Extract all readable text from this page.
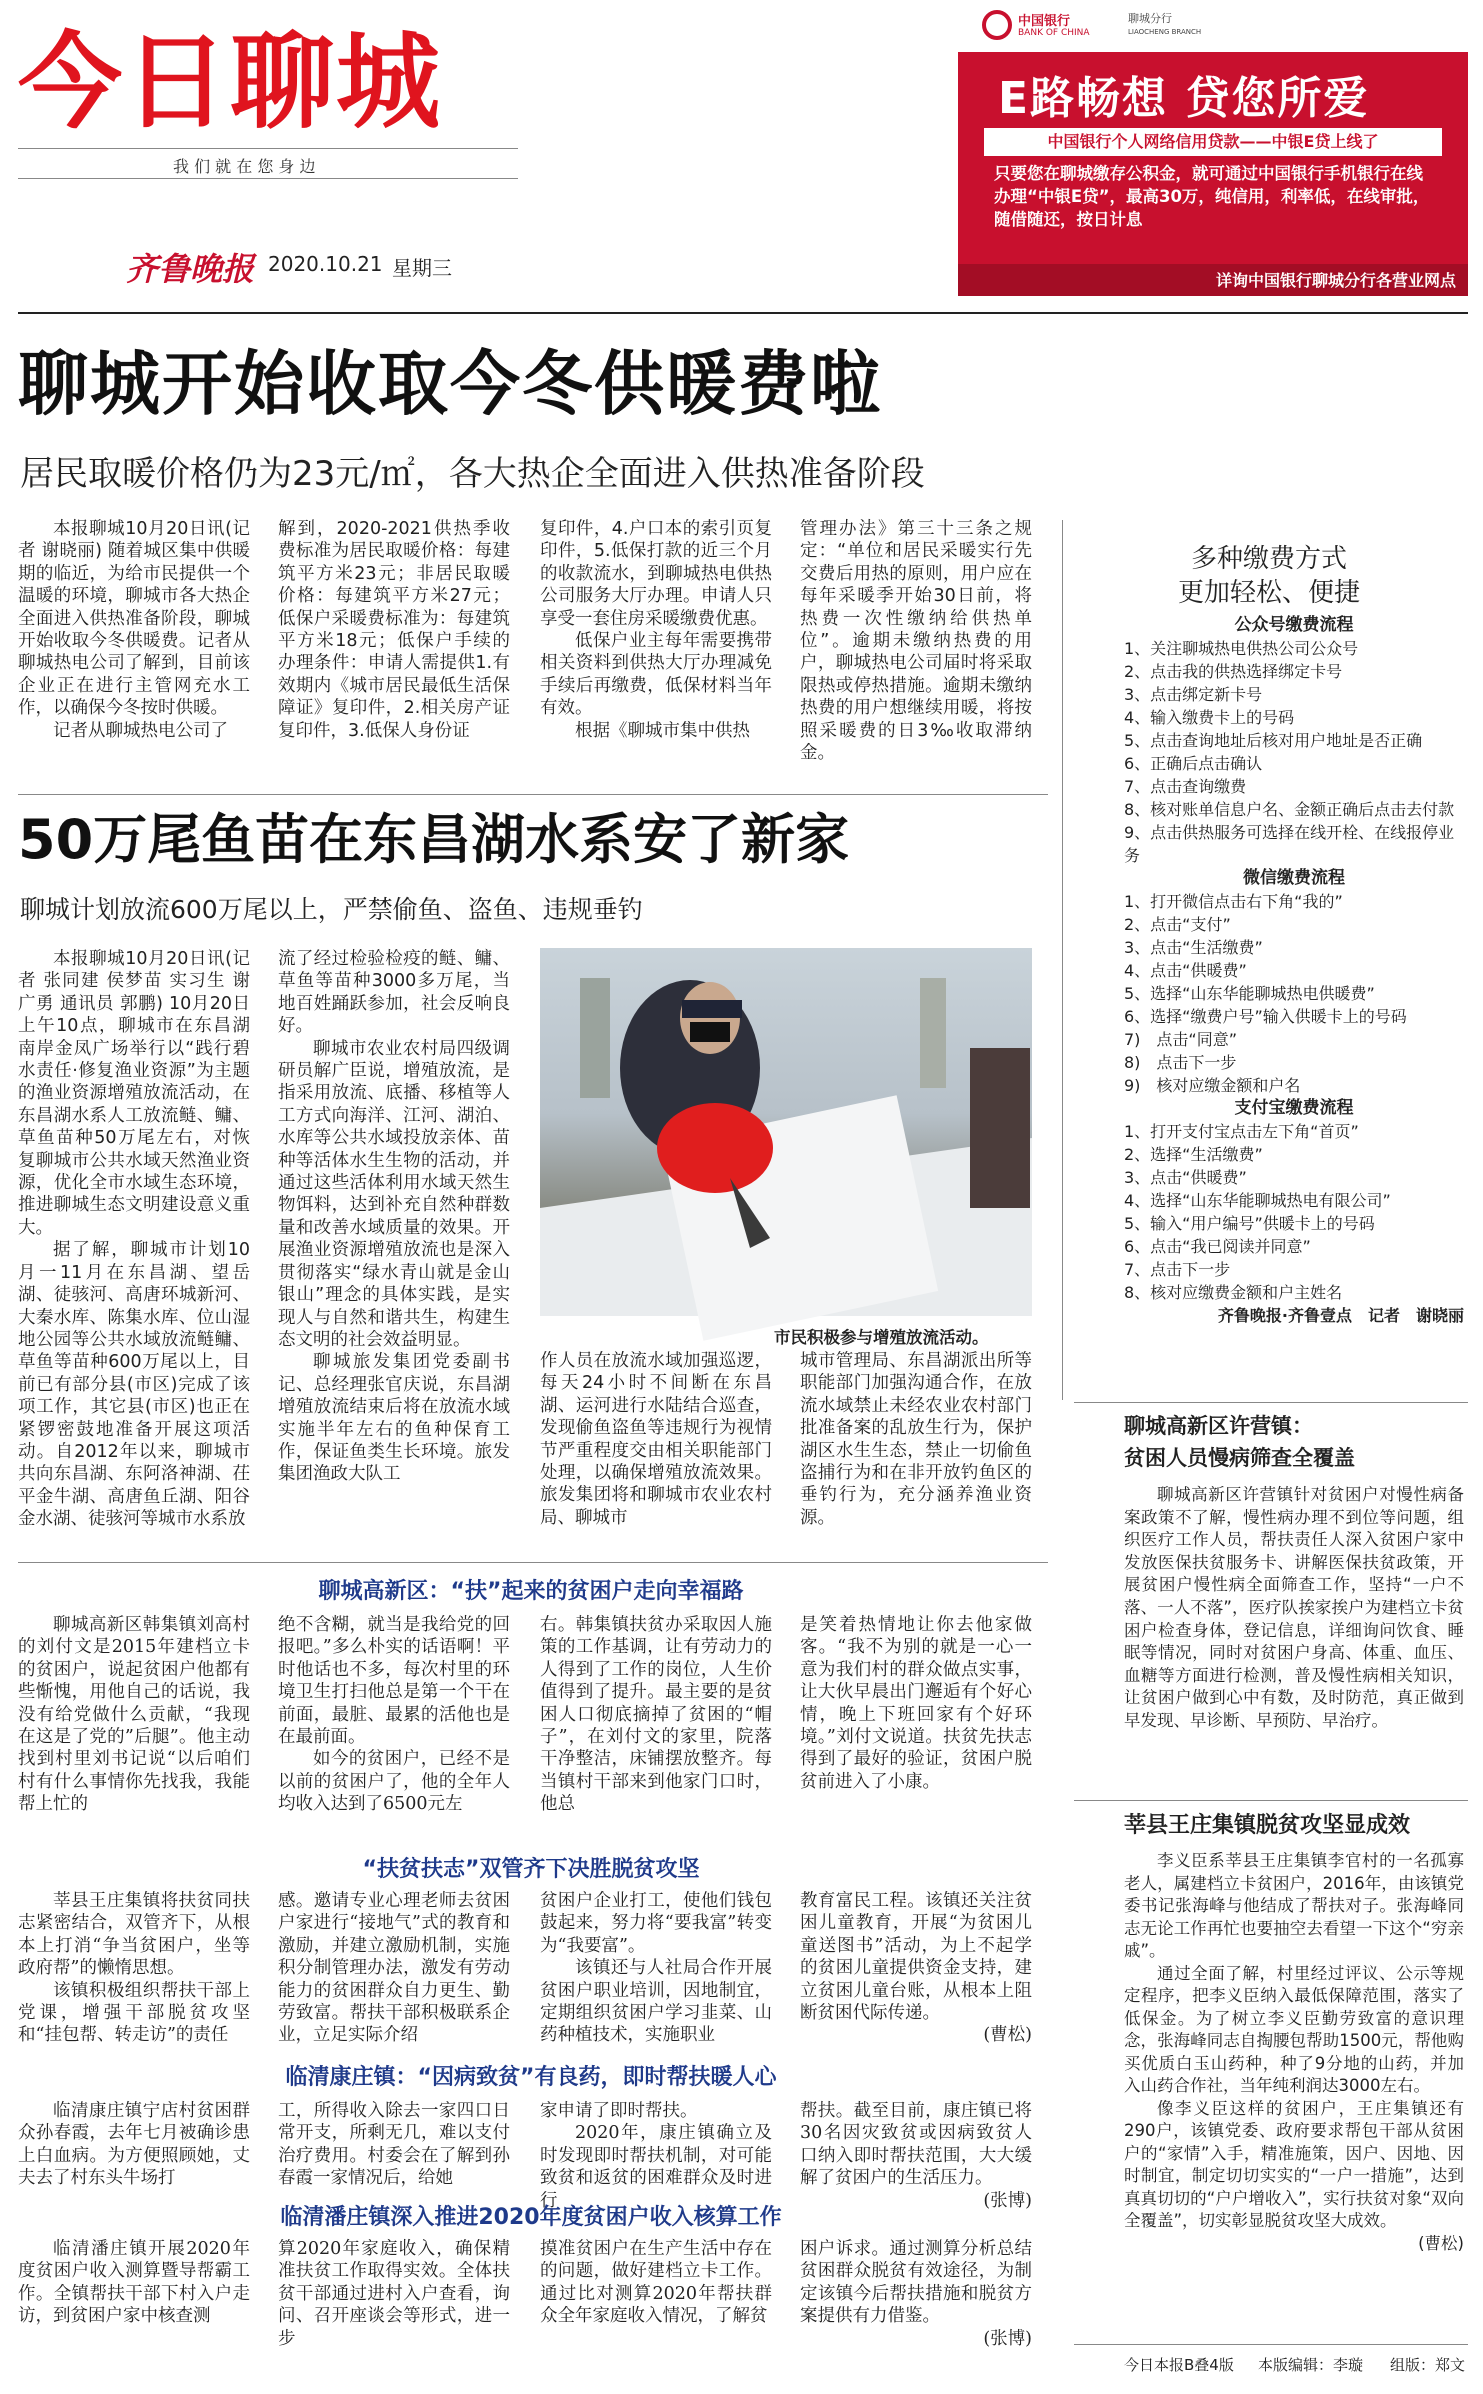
今日聊城
我 们 就 在 您 身 边
齐鲁晚报 2020.10.21 星期三
中国银行
BANK OF CHINA
聊城分行
LIAOCHENG BRANCH
E路畅想 贷您所爱
中国银行个人网络信用贷款——中银E贷上线了
只要您在聊城缴存公积金，就可通过中国银行手机银行在线办理“中银E贷”，最高30万，纯信用，利率低，在线审批，随借随还，按日计息
详询中国银行聊城分行各营业网点
聊城开始收取今冬供暖费啦
居民取暖价格仍为23元/㎡，各大热企全面进入供热准备阶段

本报聊城10月20日讯(记者 谢晓丽) 随着城区集中供暖期的临近，为给市民提供一个温暖的环境，聊城市各大热企全面进入供热准备阶段，聊城开始收取今冬供暖费。记者从聊城热电公司了解到，目前该企业正在进行主管网充水工作，以确保今冬按时供暖。

记者从聊城热电公司了

解到，2020-2021供热季收费标准为居民取暖价格：每建筑平方米23元；非居民取暖价格：每建筑平方米27元；低保户采暖费标准为：每建筑平方米18元；低保户手续的办理条件：申请人需提供1.有效期内《城市居民最低生活保障证》复印件，2.相关房产证复印件，3.低保人身份证

复印件，4.户口本的索引页复印件，5.低保打款的近三个月的收款流水，到聊城热电供热公司服务大厅办理。申请人只享受一套住房采暖缴费优惠。

低保户业主每年需要携带相关资料到供热大厅办理减免手续后再缴费，低保材料当年有效。

根据《聊城市集中供热

管理办法》第三十三条之规定：“单位和居民采暖实行先交费后用热的原则，用户应在每年采暖季开始30日前，将热费一次性缴纳给供热单位”。逾期未缴纳热费的用户，聊城热电公司届时将采取限热或停热措施。逾期未缴纳热费的用户想继续用暖，将按照采暖费的日3‰收取滞纳金。

多种缴费方式
更加轻松、便捷
公众号缴费流程
1、关注聊城热电供热公司公众号
2、点击我的供热选择绑定卡号
3、点击绑定新卡号
4、输入缴费卡上的号码
5、点击查询地址后核对用户地址是否正确
6、正确后点击确认
7、点击查询缴费
8、核对账单信息户名、金额正确后点击去付款
9、点击供热服务可选择在线开栓、在线报停业务
微信缴费流程
1、打开微信点击右下角“我的”
2、点击“支付”
3、点击“生活缴费”
4、点击“供暖费”
5、选择“山东华能聊城热电供暖费”
6、选择“缴费户号”输入供暖卡上的号码
7)　点击“同意”
8)　点击下一步
9)　核对应缴金额和户名
支付宝缴费流程
1、打开支付宝点击左下角“首页”
2、选择“生活缴费”
3、点击“供暖费”
4、选择“山东华能聊城热电有限公司”
5、输入“用户编号”供暖卡上的号码
6、点击“我已阅读并同意”
7、点击下一步
8、核对应缴费金额和户主姓名
齐鲁晚报·齐鲁壹点　记者　谢晓丽
50万尾鱼苗在东昌湖水系安了新家
聊城计划放流600万尾以上，严禁偷鱼、盗鱼、违规垂钓

本报聊城10月20日讯(记者 张同建 侯梦苗 实习生 谢广勇 通讯员 郭鹏) 10月20日上午10点，聊城市在东昌湖南岸金凤广场举行以“践行碧水责任·修复渔业资源”为主题的渔业资源增殖放流活动，在东昌湖水系人工放流鲢、鳙、草鱼苗种50万尾左右，对恢复聊城市公共水域天然渔业资源，优化全市水域生态环境，推进聊城生态文明建设意义重大。

据了解，聊城市计划10月一11月在东昌湖、望岳湖、徒骇河、高唐环城新河、大秦水库、陈集水库、位山湿地公园等公共水域放流鲢鳙、草鱼等苗种600万尾以上，目前已有部分县(市区)完成了该项工作，其它县(市区)也正在紧锣密鼓地准备开展这项活动。自2012年以来，聊城市共向东昌湖、东阿洛神湖、茌平金牛湖、高唐鱼丘湖、阳谷金水湖、徒骇河等城市水系放

流了经过检验检疫的鲢、鳙、草鱼等苗种3000多万尾，当地百姓踊跃参加，社会反响良好。

聊城市农业农村局四级调研员解广臣说，增殖放流，是指采用放流、底播、移植等人工方式向海洋、江河、湖泊、水库等公共水域投放亲体、苗种等活体水生生物的活动，并通过这些活体利用水域天然生物饵料，达到补充自然种群数量和改善水域质量的效果。开展渔业资源增殖放流也是深入贯彻落实“绿水青山就是金山银山”理念的具体实践，是实现人与自然和谐共生，构建生态文明的社会效益明显。

聊城旅发集团党委副书记、总经理张官庆说，东昌湖增殖放流结束后将在放流水域实施半年左右的鱼种保育工作，保证鱼类生长环境。旅发集团渔政大队工

市民积极参与增殖放流活动。

作人员在放流水域加强巡逻，每天24小时不间断在东昌湖、运河进行水陆结合巡查，发现偷鱼盗鱼等违规行为视情节严重程度交由相关职能部门处理，以确保增殖放流效果。旅发集团将和聊城市农业农村局、聊城市

城市管理局、东昌湖派出所等职能部门加强沟通合作，在放流水域禁止未经农业农村部门批准备案的乱放生行为，保护湖区水生生态，禁止一切偷鱼盗捕行为和在非开放钓鱼区的垂钓行为，充分涵养渔业资源。

聊城高新区许营镇：
贫困人员慢病筛查全覆盖

聊城高新区许营镇针对贫困户对慢性病备案政策不了解，慢性病办理不到位等问题，组织医疗工作人员，帮扶责任人深入贫困户家中发放医保扶贫服务卡、讲解医保扶贫政策，开展贫困户慢性病全面筛查工作，坚持“一户不落、一人不落”，医疗队挨家挨户为建档立卡贫困户检查身体，登记信息，详细询问饮食、睡眠等情况，同时对贫困户身高、体重、血压、血糖等方面进行检测，普及慢性病相关知识，让贫困户做到心中有数，及时防范，真正做到早发现、早诊断、早预防、早治疗。

莘县王庄集镇脱贫攻坚显成效

李义臣系莘县王庄集镇李官村的一名孤寡老人，属建档立卡贫困户，2016年，由该镇党委书记张海峰与他结成了帮扶对子。张海峰同志无论工作再忙也要抽空去看望一下这个“穷亲戚”。

通过全面了解，村里经过评议、公示等规定程序，把李义臣纳入最低保障范围，落实了低保金。为了树立李义臣勤劳致富的意识理念，张海峰同志自掏腰包帮助1500元，帮他购买优质白玉山药种，种了9分地的山药，并加入山药合作社，当年纯利润达3000左右。

像李义臣这样的贫困户，王庄集镇还有290户，该镇党委、政府要求帮包干部从贫困户的“家情”入手，精准施策，因户、因地、因时制宜，制定切切实实的“一户一措施”，达到真真切切的“户户增收入”，实行扶贫对象“双向全覆盖”，切实彰显脱贫攻坚大成效。

(曹松)
聊城高新区：“扶”起来的贫困户走向幸福路

聊城高新区韩集镇刘高村的刘付文是2015年建档立卡的贫困户，说起贫困户他都有些惭愧，用他自己的话说，我没有给党做什么贡献，“我现在这是了党的”后腿”。他主动找到村里刘书记说“以后咱们村有什么事情你先找我，我能帮上忙的

绝不含糊，就当是我给党的回报吧。”多么朴实的话语啊！平时他话也不多，每次村里的环境卫生打扫他总是第一个干在前面，最脏、最累的活他也是在最前面。

如今的贫困户，已经不是以前的贫困户了，他的全年人均收入达到了6500元左

右。韩集镇扶贫办采取因人施策的工作基调，让有劳动力的人得到了工作的岗位，人生价值得到了提升。最主要的是贫困人口彻底摘掉了贫困的“帽子”，在刘付文的家里，院落干净整洁，床铺摆放整齐。每当镇村干部来到他家门口时，他总

是笑着热情地让你去他家做客。“我不为别的就是一心一意为我们村的群众做点实事，让大伙早晨出门邂逅有个好心情，晚上下班回家有个好环境。”刘付文说道。扶贫先扶志得到了最好的验证，贫困户脱贫前进入了小康。

“扶贫扶志”双管齐下决胜脱贫攻坚

莘县王庄集镇将扶贫同扶志紧密结合，双管齐下，从根本上打消“争当贫困户，坐等政府帮”的懒惰思想。

该镇积极组织帮扶干部上党课，增强干部脱贫攻坚和“挂包帮、转走访”的责任

感。邀请专业心理老师去贫困户家进行“接地气”式的教育和激励，并建立激励机制，实施积分制管理办法，激发有劳动能力的贫困群众自力更生、勤劳致富。帮扶干部积极联系企业，立足实际介绍

贫困户企业打工，使他们钱包鼓起来，努力将“要我富”转变为“我要富”。

该镇还与人社局合作开展贫困户职业培训，因地制宜，定期组织贫困户学习韭菜、山药种植技术，实施职业

教育富民工程。该镇还关注贫困儿童教育，开展“为贫困儿童送图书”活动，为上不起学的贫困儿童提供资金支持，建立贫困儿童台账，从根本上阻断贫困代际传递。

(曹松)
临清康庄镇：“因病致贫”有良药，即时帮扶暖人心

临清康庄镇宁店村贫困群众孙春霞，去年七月被确诊患上白血病。为方便照顾她，丈夫去了村东头牛场打

工，所得收入除去一家四口日常开支，所剩无几，难以支付治疗费用。村委会在了解到孙春霞一家情况后，给她

家申请了即时帮扶。

2020年，康庄镇确立及时发现即时帮扶机制，对可能致贫和返贫的困难群众及时进行

帮扶。截至目前，康庄镇已将30名因灾致贫或因病致贫人口纳入即时帮扶范围，大大缓解了贫困户的生活压力。

(张博)
临清潘庄镇深入推进2020年度贫困户收入核算工作

临清潘庄镇开展2020年度贫困户收入测算暨导帮霸工作。全镇帮扶干部下村入户走访，到贫困户家中核查测

算2020年家庭收入，确保精准扶贫工作取得实效。全体扶贫干部通过进村入户查看，询问、召开座谈会等形式，进一步

摸准贫困户在生产生活中存在的问题，做好建档立卡工作。通过比对测算2020年帮扶群众全年家庭收入情况，了解贫

困户诉求。通过测算分析总结贫困群众脱贫有效途径，为制定该镇今后帮扶措施和脱贫方案提供有力借鉴。

(张博)
今日本报B叠4版 本版编辑：李璇 组版：郑文
